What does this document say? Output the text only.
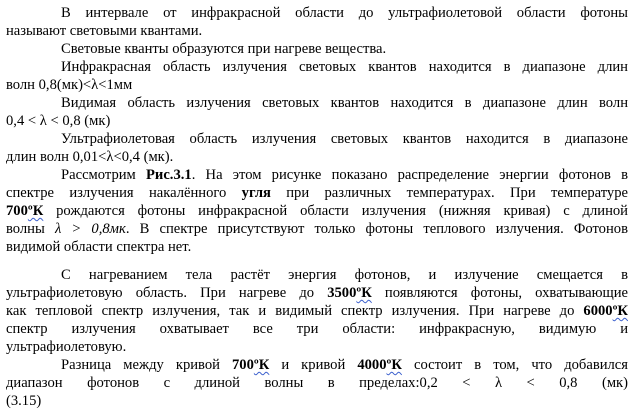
В интервале от инфракрасной области до ультрафиолетовой области фотоны
называют световыми квантами.
Световые кванты образуются при нагреве вещества.
Инфракрасная область излучения световых квантов находится в диапазоне длин
волн 0,8(мк)<λ<1мм
Видимая область излучения световых квантов находится в диапазоне длин волн
0,4 < λ < 0,8 (мк)
Ультрафиолетовая область излучения световых квантов находится в диапазоне
длин волн 0,01<λ<0,4 (мк).
Рассмотрим Рис.3.1. На этом рисунке показано распределение энергии фотонов в
спектре излучения накалённого угля при различных температурах. При температуре
700ºК рождаются фотоны инфракрасной области излучения (нижняя кривая) с длиной
волны λ > 0,8мк. В спектре присутствуют только фотоны теплового излучения. Фотонов
видимой области спектра нет.
С нагреванием тела растёт энергия фотонов, и излучение смещается в
ультрафиолетовую область. При нагреве до 3500ºК появляются фотоны, охватывающие
как тепловой спектр излучения, так и видимый спектр излучения. При нагреве до 6000ºК
спектр излучения охватывает все три области: инфракрасную, видимую и
ультрафиолетовую.
Разница между кривой 700ºК и кривой 4000ºК состоит в том, что добавился
диапазон фотонов с длиной волны в пределах:0,2 < λ < 0,8 (мк)
(3.15)
